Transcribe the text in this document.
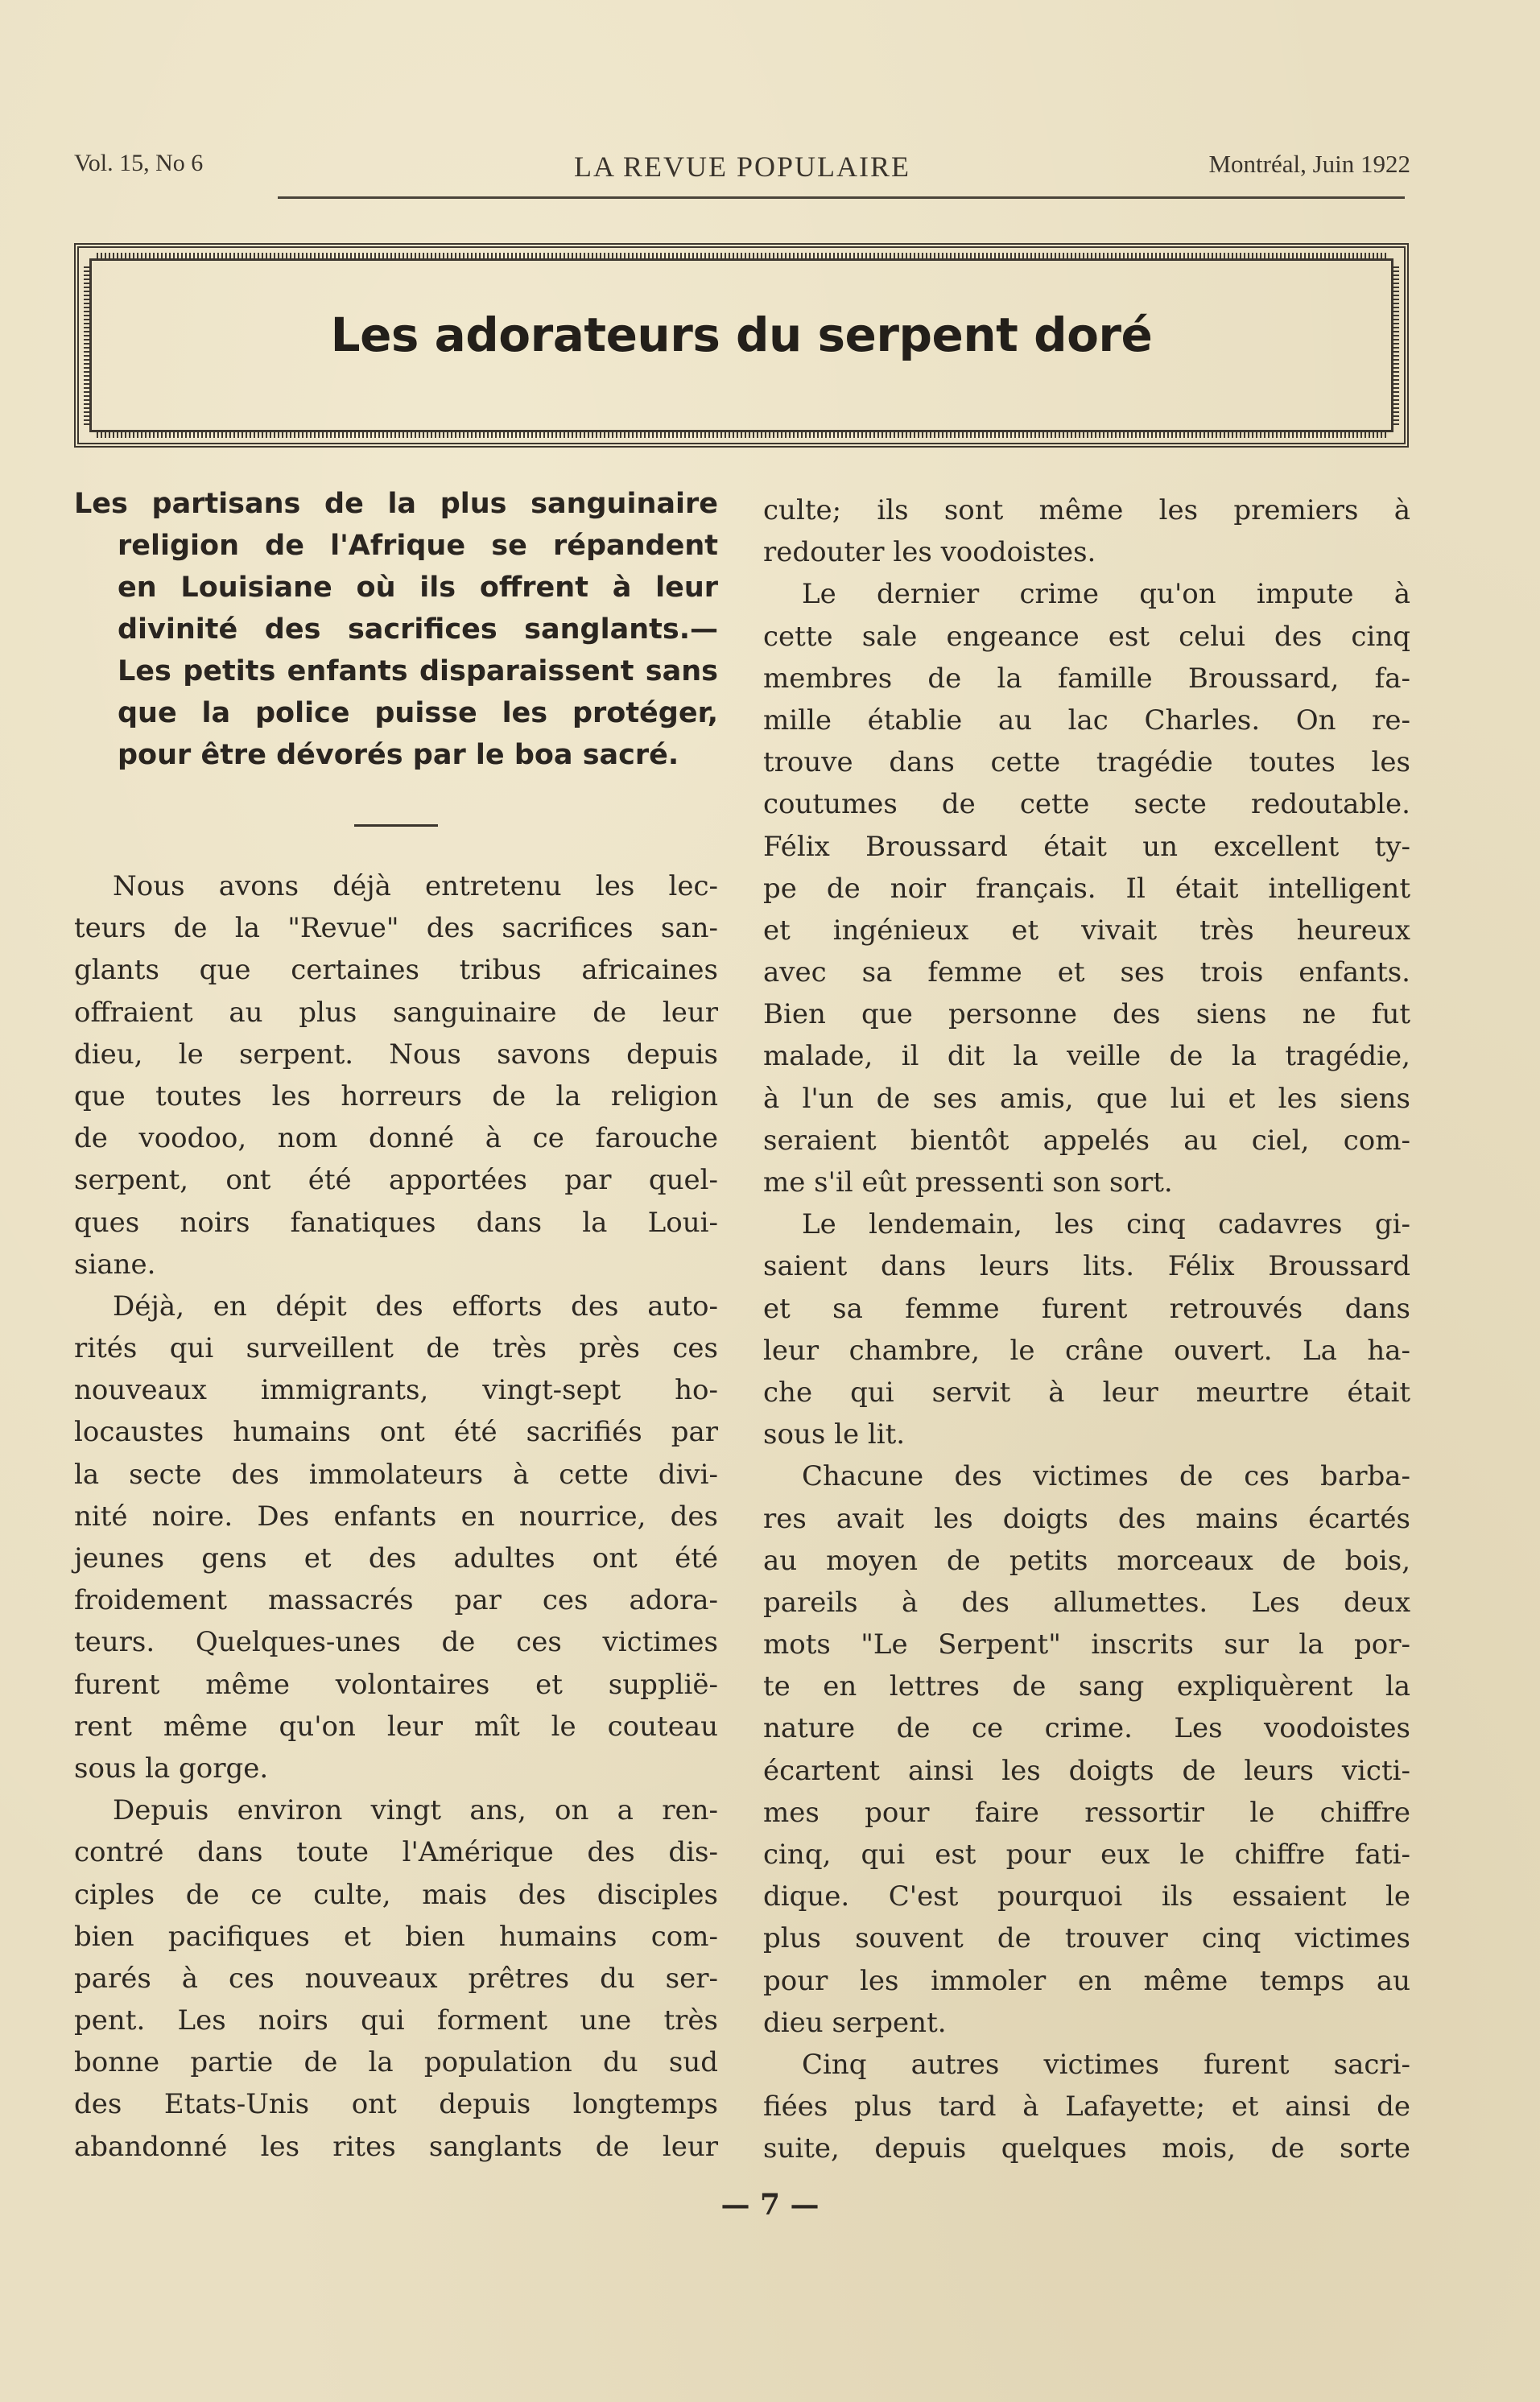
Vol. 15, No 6	LA REVUE POPULAIRE	Montréal, Juin 1922
Les adorateurs du serpent doré

Les partisans de la plus sanguinaire
religion de l'Afrique se répandent
en Louisiane où ils offrent à leur
divinité des sacrifices sanglants.—
Les petits enfants disparaissent sans
que la police puisse les protéger,
pour être dévorés par le boa sacré.

Nous avons déjà entretenu les lec-
teurs de la "Revue" des sacrifices san-
glants que certaines tribus africaines
offraient au plus sanguinaire de leur
dieu, le serpent. Nous savons depuis
que toutes les horreurs de la religion
de voodoo, nom donné à ce farouche
serpent, ont été apportées par quel-
ques noirs fanatiques dans la Loui-
siane.
Déjà, en dépit des efforts des auto-
rités qui surveillent de très près ces
nouveaux immigrants, vingt-sept ho-
locaustes humains ont été sacrifiés par
la secte des immolateurs à cette divi-
nité noire. Des enfants en nourrice, des
jeunes gens et des adultes ont été
froidement massacrés par ces adora-
teurs. Quelques-unes de ces victimes
furent même volontaires et supplië-
rent même qu'on leur mît le couteau
sous la gorge.
Depuis environ vingt ans, on a ren-
contré dans toute l'Amérique des dis-
ciples de ce culte, mais des disciples
bien pacifiques et bien humains com-
parés à ces nouveaux prêtres du ser-
pent. Les noirs qui forment une très
bonne partie de la population du sud
des Etats-Unis ont depuis longtemps
abandonné les rites sanglants de leur
culte; ils sont même les premiers à
redouter les voodoistes.
Le dernier crime qu'on impute à
cette sale engeance est celui des cinq
membres de la famille Broussard, fa-
mille établie au lac Charles. On re-
trouve dans cette tragédie toutes les
coutumes de cette secte redoutable.
Félix Broussard était un excellent ty-
pe de noir français. Il était intelligent
et ingénieux et vivait très heureux
avec sa femme et ses trois enfants.
Bien que personne des siens ne fut
malade, il dit la veille de la tragédie,
à l'un de ses amis, que lui et les siens
seraient bientôt appelés au ciel, com-
me s'il eût pressenti son sort.
Le lendemain, les cinq cadavres gi-
saient dans leurs lits. Félix Broussard
et sa femme furent retrouvés dans
leur chambre, le crâne ouvert. La ha-
che qui servit à leur meurtre était
sous le lit.
Chacune des victimes de ces barba-
res avait les doigts des mains écartés
au moyen de petits morceaux de bois,
pareils à des allumettes. Les deux
mots "Le Serpent" inscrits sur la por-
te en lettres de sang expliquèrent la
nature de ce crime. Les voodoistes
écartent ainsi les doigts de leurs victi-
mes pour faire ressortir le chiffre
cinq, qui est pour eux le chiffre fati-
dique. C'est pourquoi ils essaient le
plus souvent de trouver cinq victimes
pour les immoler en même temps au
dieu serpent.
Cinq autres victimes furent sacri-
fiées plus tard à Lafayette; et ainsi de
suite, depuis quelques mois, de sorte
— 7 —
